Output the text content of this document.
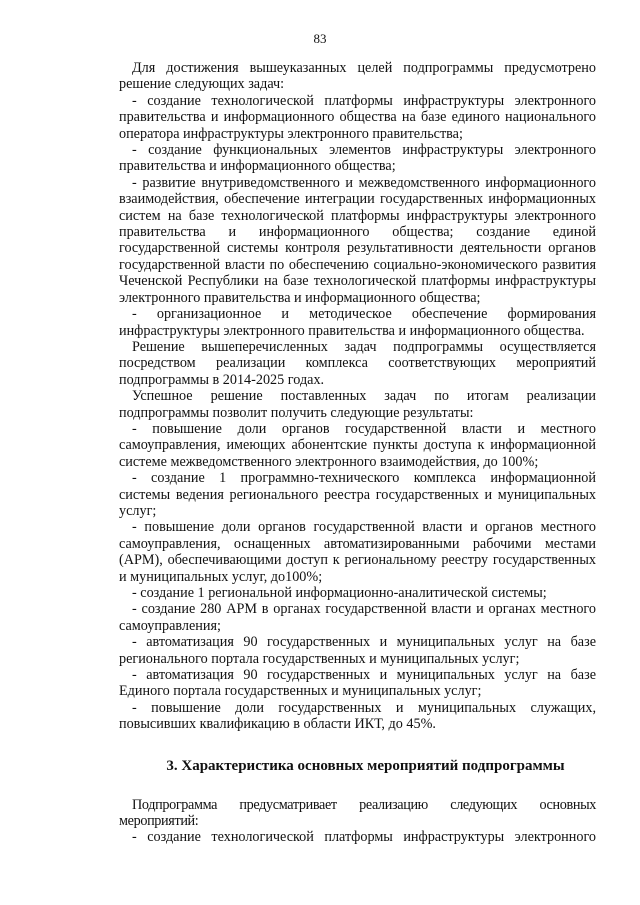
83

Для достижения вышеуказанных целей подпрограммы предусмотрено решение следующих задач:

- создание технологической платформы инфраструктуры электронного правительства и информационного общества на базе единого национального оператора инфраструктуры электронного правительства;

- создание функциональных элементов инфраструктуры электронного правительства и информационного общества;

- развитие внутриведомственного и межведомственного информационного взаимодействия, обеспечение интеграции государственных информационных систем на базе технологической платформы инфраструктуры электронного правительства и информационного общества; создание единой государственной системы контроля результативности деятельности органов государственной власти по обеспечению социально-экономического развития Чеченской Республики на базе технологической платформы инфраструктуры электронного правительства и информационного общества;

- организационное и методическое обеспечение формирования инфраструктуры электронного правительства и информационного общества.

Решение вышеперечисленных задач подпрограммы осуществляется посредством реализации комплекса соответствующих мероприятий подпрограммы в 2014-2025 годах.

Успешное решение поставленных задач по итогам реализации подпрограммы позволит получить следующие результаты:

- повышение доли органов государственной власти и местного самоуправления, имеющих абонентские пункты доступа к информационной системе межведомственного электронного взаимодействия, до 100%;

- создание 1 программно-технического комплекса информационной системы ведения регионального реестра государственных и муниципальных услуг;

- повышение доли органов государственной власти и органов местного самоуправления, оснащенных автоматизированными рабочими местами (АРМ), обеспечивающими доступ к региональному реестру государственных и муниципальных услуг, до100%;

- создание 1 региональной информационно-аналитической системы;

- создание 280 АРМ в органах государственной власти и органах местного самоуправления;

- автоматизация 90 государственных и муниципальных услуг на базе регионального портала государственных и муниципальных услуг;

- автоматизация 90 государственных и муниципальных услуг на базе Единого портала государственных и муниципальных услуг;

- повышение доли государственных и муниципальных служащих, повысивших квалификацию в области ИКТ, до 45%.

3. Характеристика основных мероприятий подпрограммы

Подпрограмма предусматривает реализацию следующих основных мероприятий:

- создание технологической платформы инфраструктуры электронного
